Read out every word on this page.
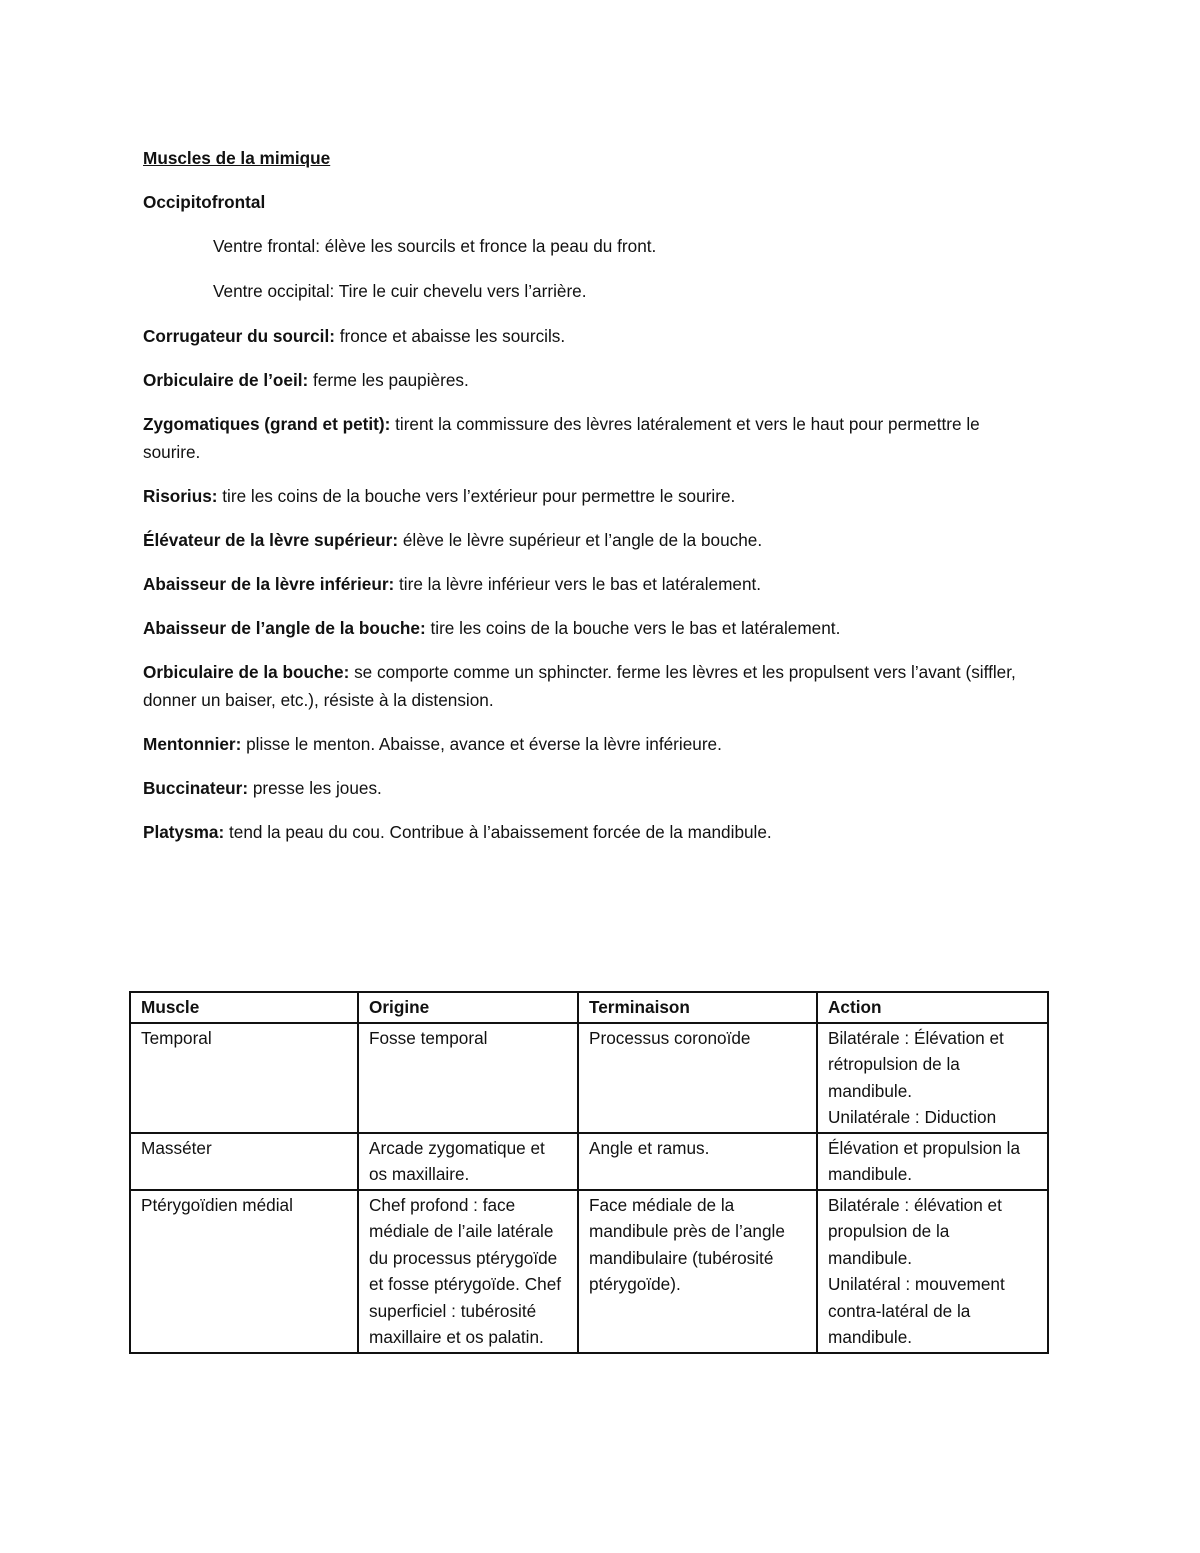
Muscles de la mimique
Occipitofrontal
Ventre frontal: élève les sourcils et fronce la peau du front.
Ventre occipital: Tire le cuir chevelu vers l’arrière.
Corrugateur du sourcil: fronce et abaisse les sourcils.
Orbiculaire de l’oeil: ferme les paupières.
Zygomatiques (grand et petit): tirent la commissure des lèvres latéralement et vers le haut pour permettre le sourire.
Risorius: tire les coins de la bouche vers l’extérieur pour permettre le sourire.
Élévateur de la lèvre supérieur: élève le lèvre supérieur et l’angle de la bouche.
Abaisseur de la lèvre inférieur: tire la lèvre inférieur vers le bas et latéralement.
Abaisseur de l’angle de la bouche: tire les coins de la bouche vers le bas et latéralement.
Orbiculaire de la bouche: se comporte comme un sphincter. ferme les lèvres et les propulsent vers l’avant (siffler, donner un baiser, etc.), résiste à la distension.
Mentonnier: plisse le menton. Abaisse, avance et éverse la lèvre inférieure.
Buccinateur: presse les joues.
Platysma: tend la peau du cou. Contribue à l’abaissement forcée de la mandibule.
Muscle	Origine	Terminaison	Action
Temporal	Fosse temporal	Processus coronoïde	Bilatérale : Élévation et rétropulsion de la mandibule.
Unilatérale : Diduction

Masséter	Arcade zygomatique et os maxillaire.	Angle et ramus.	Élévation et propulsion la mandibule.

Ptérygoïdien médial	Chef profond : face médiale de l’aile latérale du processus ptérygoïde et fosse ptérygoïde. Chef superficiel : tubérosité maxillaire et os palatin.	Face médiale de la mandibule près de l’angle mandibulaire (tubérosité ptérygoïde).	Bilatérale : élévation et propulsion de la mandibule.
Unilatéral : mouvement contra-latéral de la mandibule.
